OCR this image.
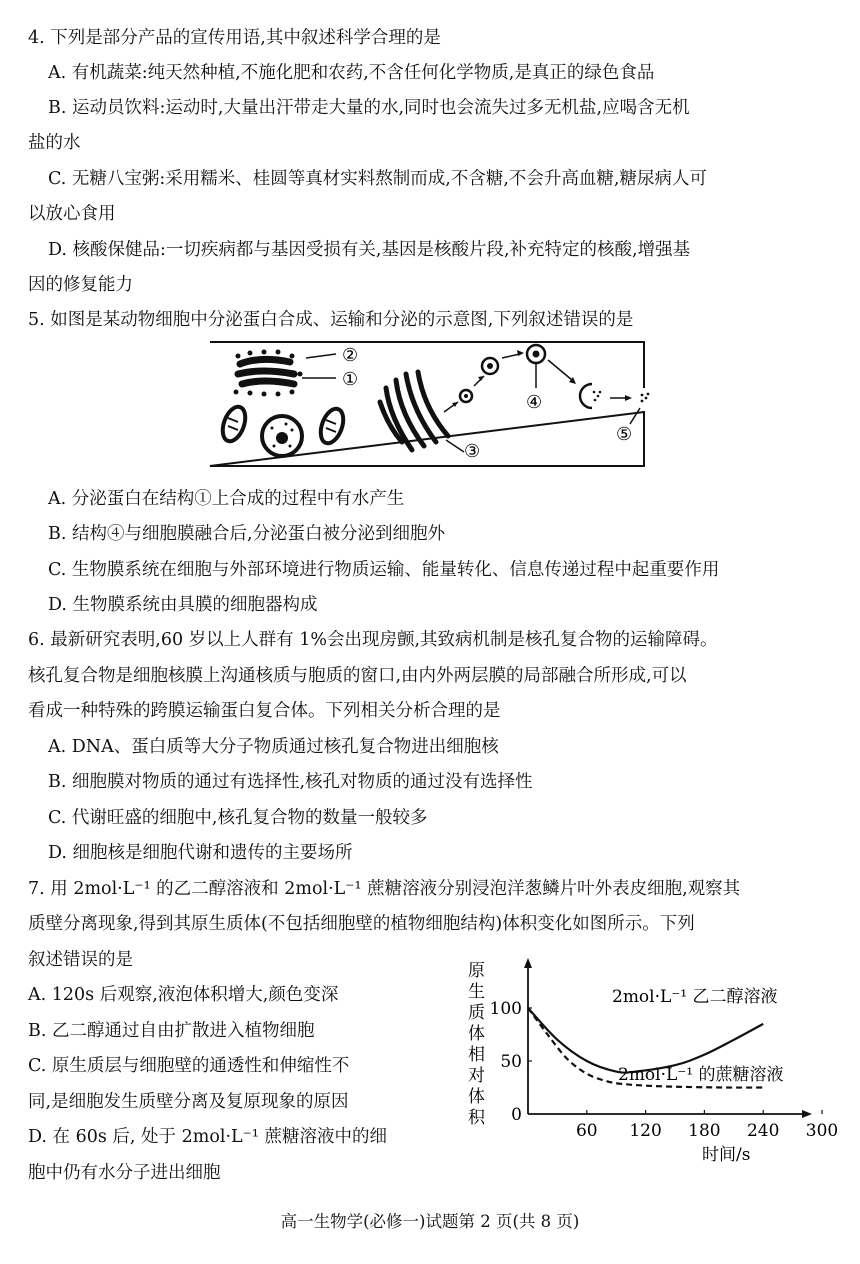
4. 下列是部分产品的宣传用语,其中叙述科学合理的是
A. 有机蔬菜:纯天然种植,不施化肥和农药,不含任何化学物质,是真正的绿色食品
B. 运动员饮料:运动时,大量出汗带走大量的水,同时也会流失过多无机盐,应喝含无机
盐的水
C. 无糖八宝粥:采用糯米、桂圆等真材实料熬制而成,不含糖,不会升高血糖,糖尿病人可
以放心食用
D. 核酸保健品:一切疾病都与基因受损有关,基因是核酸片段,补充特定的核酸,增强基
因的修复能力
5. 如图是某动物细胞中分泌蛋白合成、运输和分泌的示意图,下列叙述错误的是
②
①
③
④
⑤
A. 分泌蛋白在结构①上合成的过程中有水产生
B. 结构④与细胞膜融合后,分泌蛋白被分泌到细胞外
C. 生物膜系统在细胞与外部环境进行物质运输、能量转化、信息传递过程中起重要作用
D. 生物膜系统由具膜的细胞器构成
6. 最新研究表明,60 岁以上人群有 1%会出现房颤,其致病机制是核孔复合物的运输障碍。
核孔复合物是细胞核膜上沟通核质与胞质的窗口,由内外两层膜的局部融合所形成,可以
看成一种特殊的跨膜运输蛋白复合体。下列相关分析合理的是
A. DNA、蛋白质等大分子物质通过核孔复合物进出细胞核
B. 细胞膜对物质的通过有选择性,核孔对物质的通过没有选择性
C. 代谢旺盛的细胞中,核孔复合物的数量一般较多
D. 细胞核是细胞代谢和遗传的主要场所
7. 用 2mol·L⁻¹ 的乙二醇溶液和 2mol·L⁻¹ 蔗糖溶液分别浸泡洋葱鳞片叶外表皮细胞,观察其
质壁分离现象,得到其原生质体(不包括细胞壁的植物细胞结构)体积变化如图所示。下列
叙述错误的是
A. 120s 后观察,液泡体积增大,颜色变深
B. 乙二醇通过自由扩散进入植物细胞
C. 原生质层与细胞壁的通透性和伸缩性不
同,是细胞发生质壁分离及复原现象的原因
D. 在 60s 后, 处于 2mol·L⁻¹ 蔗糖溶液中的细
胞中仍有水分子进出细胞
原
生
质
体
相
对
体
积
60 120 180 240 300
0
50
100
2mol·L⁻¹ 乙二醇溶液
2mol·L⁻¹ 的蔗糖溶液
时间/s
高一生物学(必修一)试题第 2 页(共 8 页)
